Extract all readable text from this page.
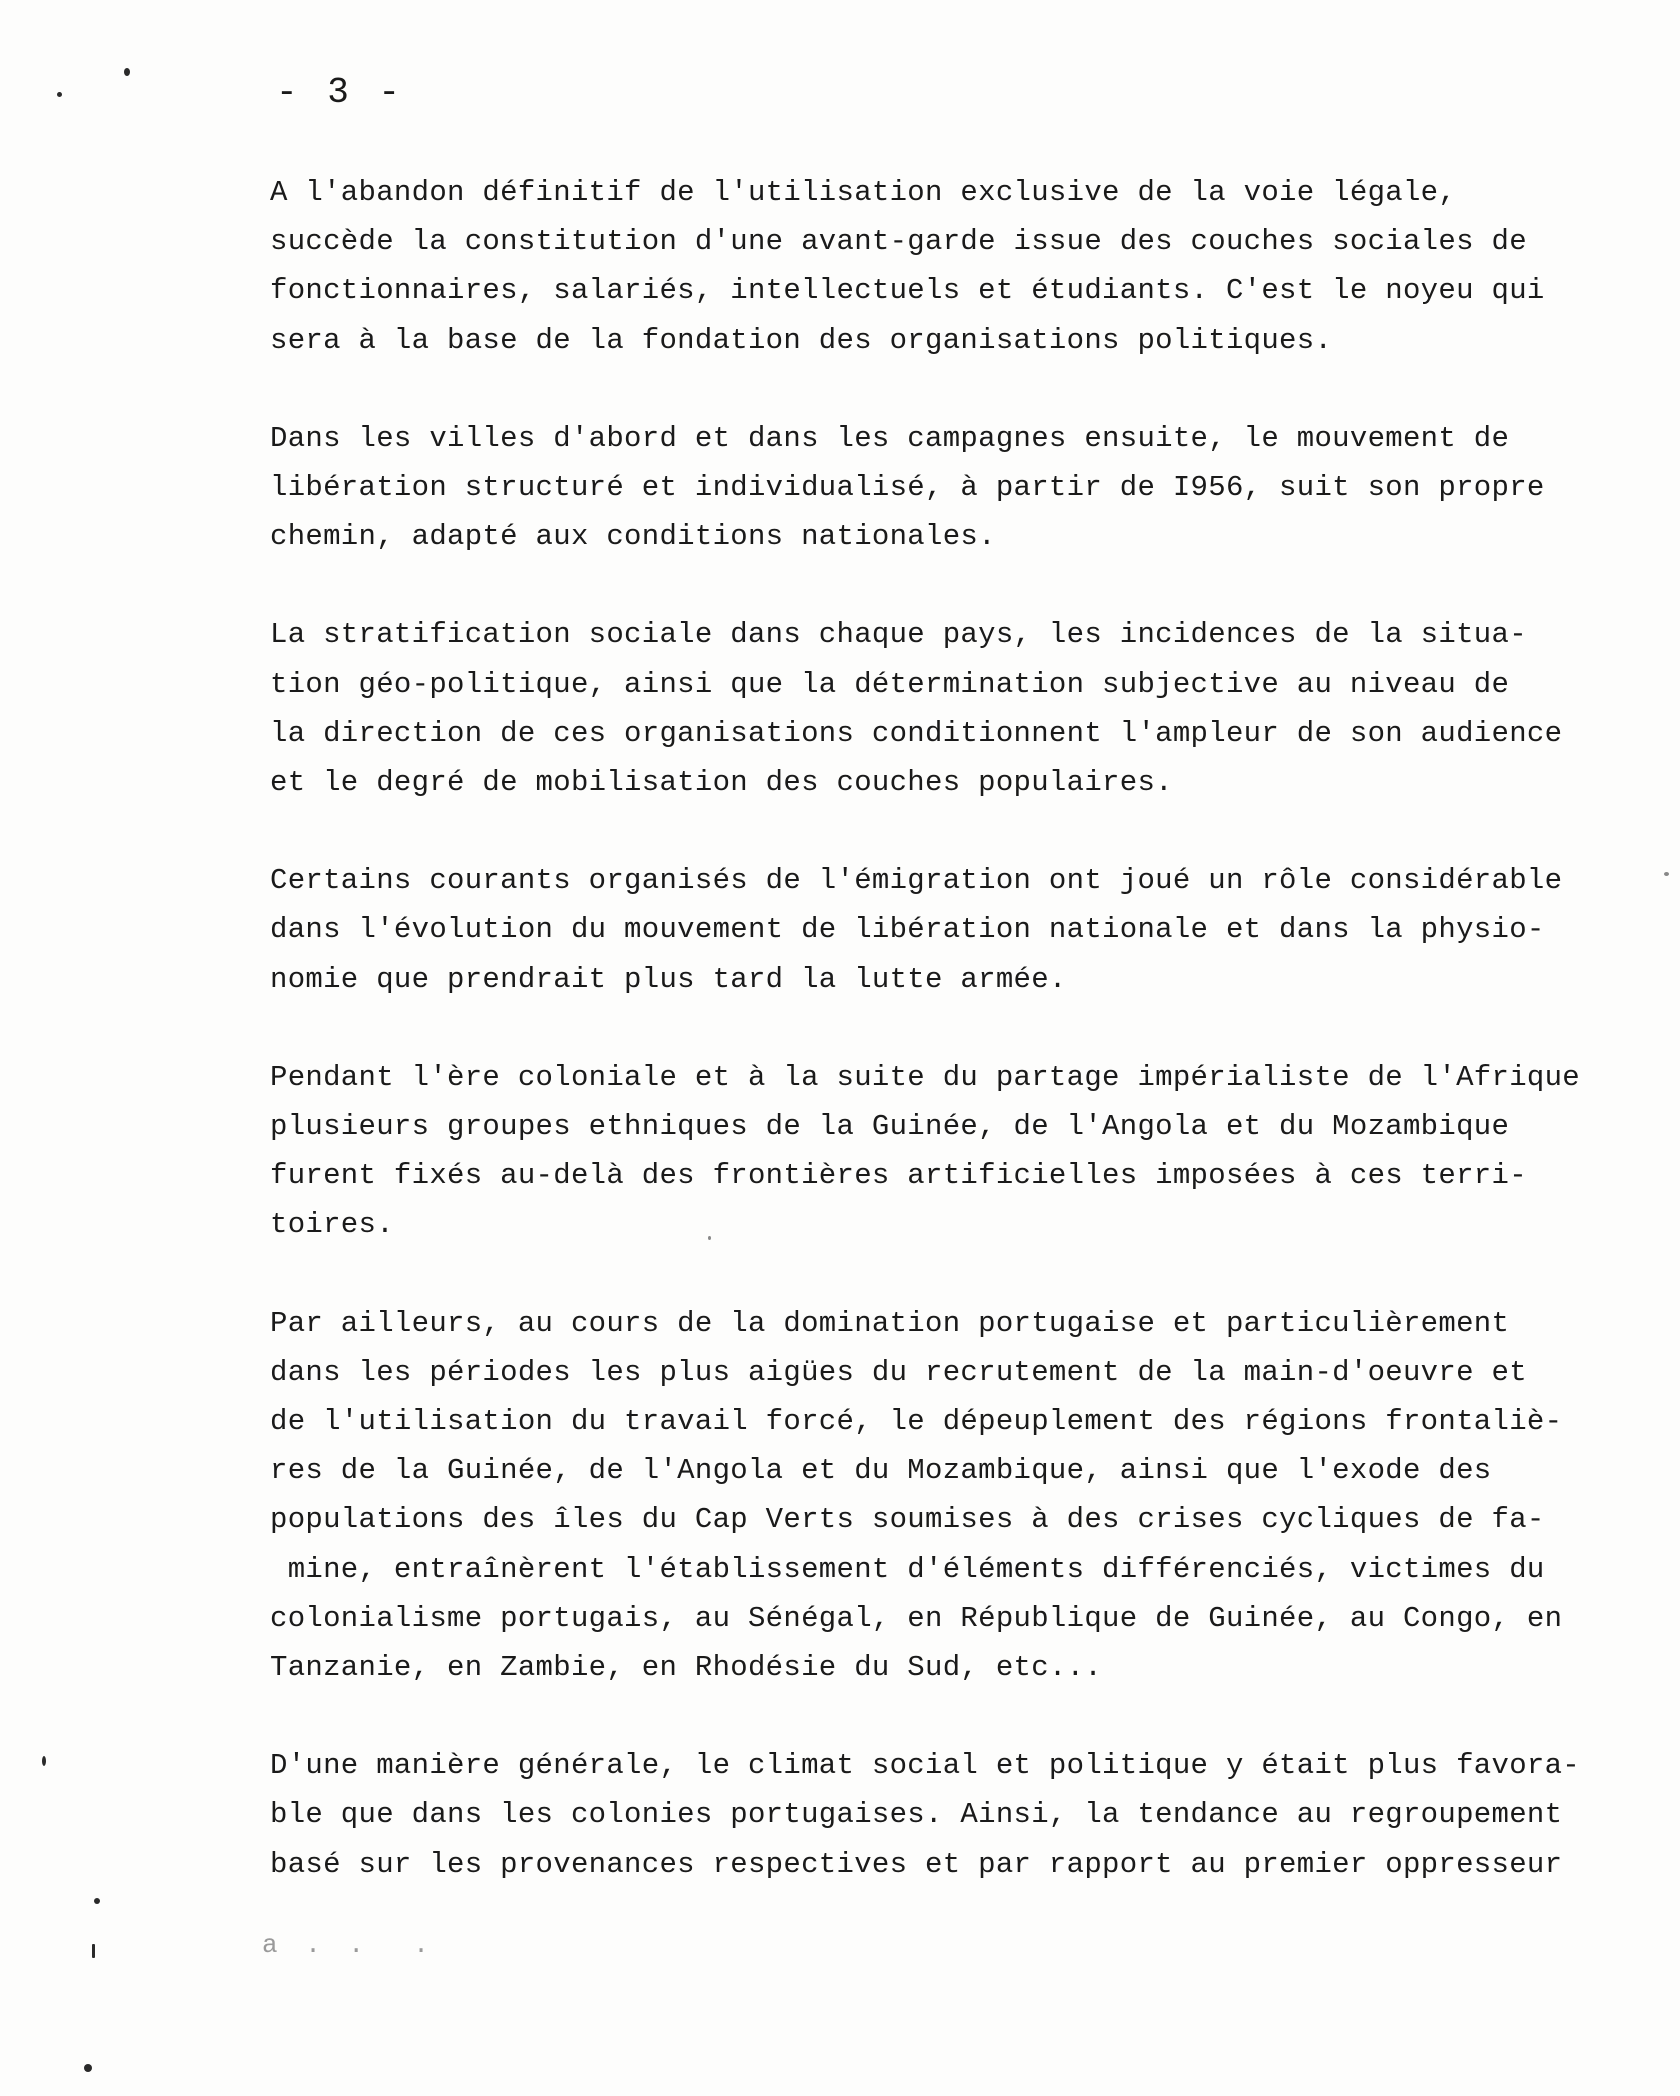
- 3 -

A l'abandon définitif de l'utilisation exclusive de la voie légale,
succède la constitution d'une avant-garde issue des couches sociales de
fonctionnaires, salariés, intellectuels et étudiants. C'est le noyeu qui
sera à la base de la fondation des organisations politiques.

Dans les villes d'abord et dans les campagnes ensuite, le mouvement de
libération structuré et individualisé, à partir de I956, suit son propre
chemin, adapté aux conditions nationales.

La stratification sociale dans chaque pays, les incidences de la situa-
tion géo-politique, ainsi que la détermination subjective au niveau de
la direction de ces organisations conditionnent l'ampleur de son audience
et le degré de mobilisation des couches populaires.

Certains courants organisés de l'émigration ont joué un rôle considérable
dans l'évolution du mouvement de libération nationale et dans la physio-
nomie que prendrait plus tard la lutte armée.

Pendant l'ère coloniale et à la suite du partage impérialiste de l'Afrique
plusieurs groupes ethniques de la Guinée, de l'Angola et du Mozambique
furent fixés au-delà des frontières artificielles imposées à ces terri-
toires.

Par ailleurs, au cours de la domination portugaise et particulièrement
dans les périodes les plus aigües du recrutement de la main-d'oeuvre et
de l'utilisation du travail forcé, le dépeuplement des régions frontaliè-
res de la Guinée, de l'Angola et du Mozambique, ainsi que l'exode des
populations des îles du Cap Verts soumises à des crises cycliques de fa-
mine, entraînèrent l'établissement d'éléments différenciés, victimes du
colonialisme portugais, au Sénégal, en République de Guinée, au Congo, en
Tanzanie, en Zambie, en Rhodésie du Sud, etc...

D'une manière générale, le climat social et politique y était plus favora-
ble que dans les colonies portugaises. Ainsi, la tendance au regroupement
basé sur les provenances respectives et par rapport au premier oppresseur

a . .  .
